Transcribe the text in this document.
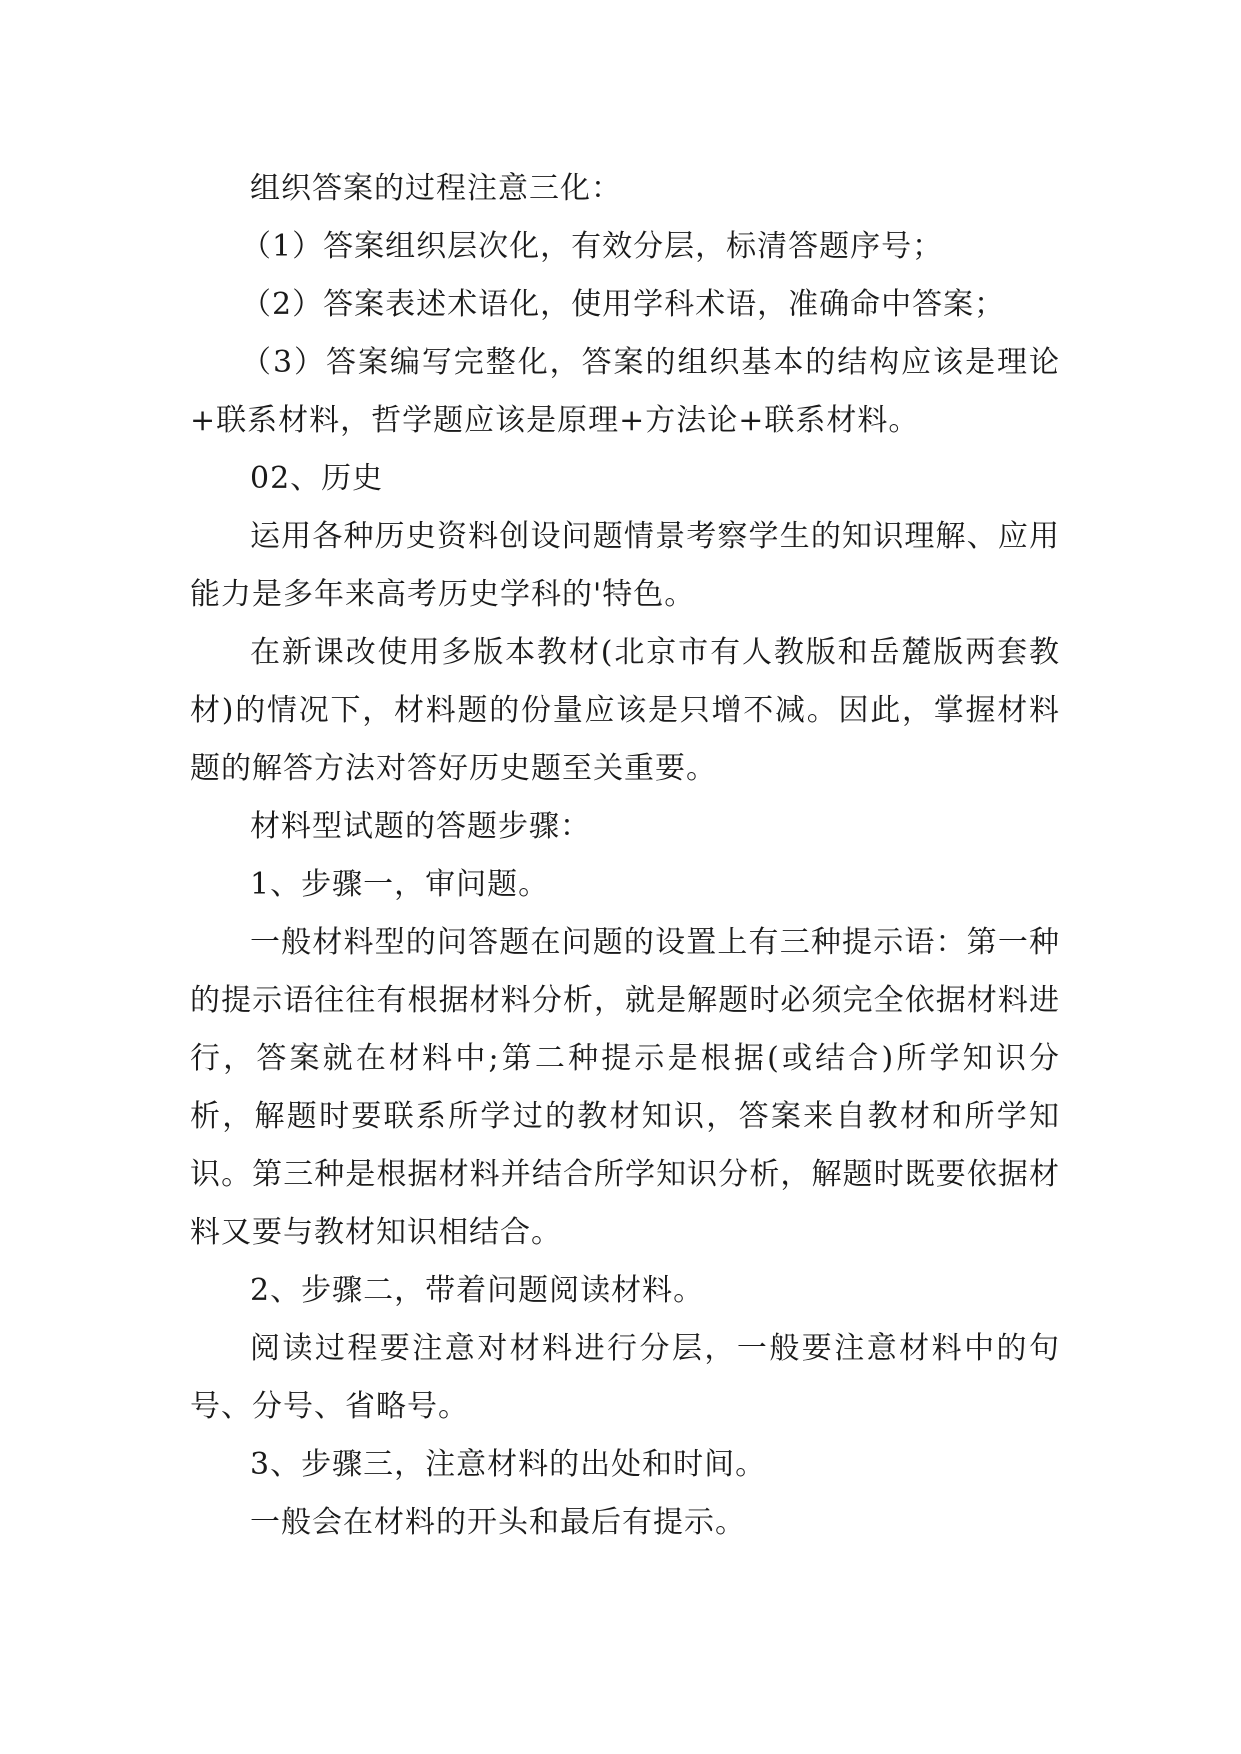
组织答案的过程注意三化：

（1）答案组织层次化，有效分层，标清答题序号；

（2）答案表述术语化，使用学科术语，准确命中答案；

（3）答案编写完整化，答案的组织基本的结构应该是理论+联系材料，哲学题应该是原理+方法论+联系材料。

02、历史

运用各种历史资料创设问题情景考察学生的知识理解、应用能力是多年来高考历史学科的'特色。

在新课改使用多版本教材(北京市有人教版和岳麓版两套教材)的情况下，材料题的份量应该是只增不减。因此，掌握材料题的解答方法对答好历史题至关重要。

材料型试题的答题步骤：

1、步骤一，审问题。

一般材料型的问答题在问题的设置上有三种提示语：第一种的提示语往往有根据材料分析，就是解题时必须完全依据材料进行，答案就在材料中;第二种提示是根据(或结合)所学知识分析，解题时要联系所学过的教材知识，答案来自教材和所学知识。第三种是根据材料并结合所学知识分析，解题时既要依据材料又要与教材知识相结合。

2、步骤二，带着问题阅读材料。

阅读过程要注意对材料进行分层，一般要注意材料中的句号、分号、省略号。

3、步骤三，注意材料的出处和时间。

一般会在材料的开头和最后有提示。
